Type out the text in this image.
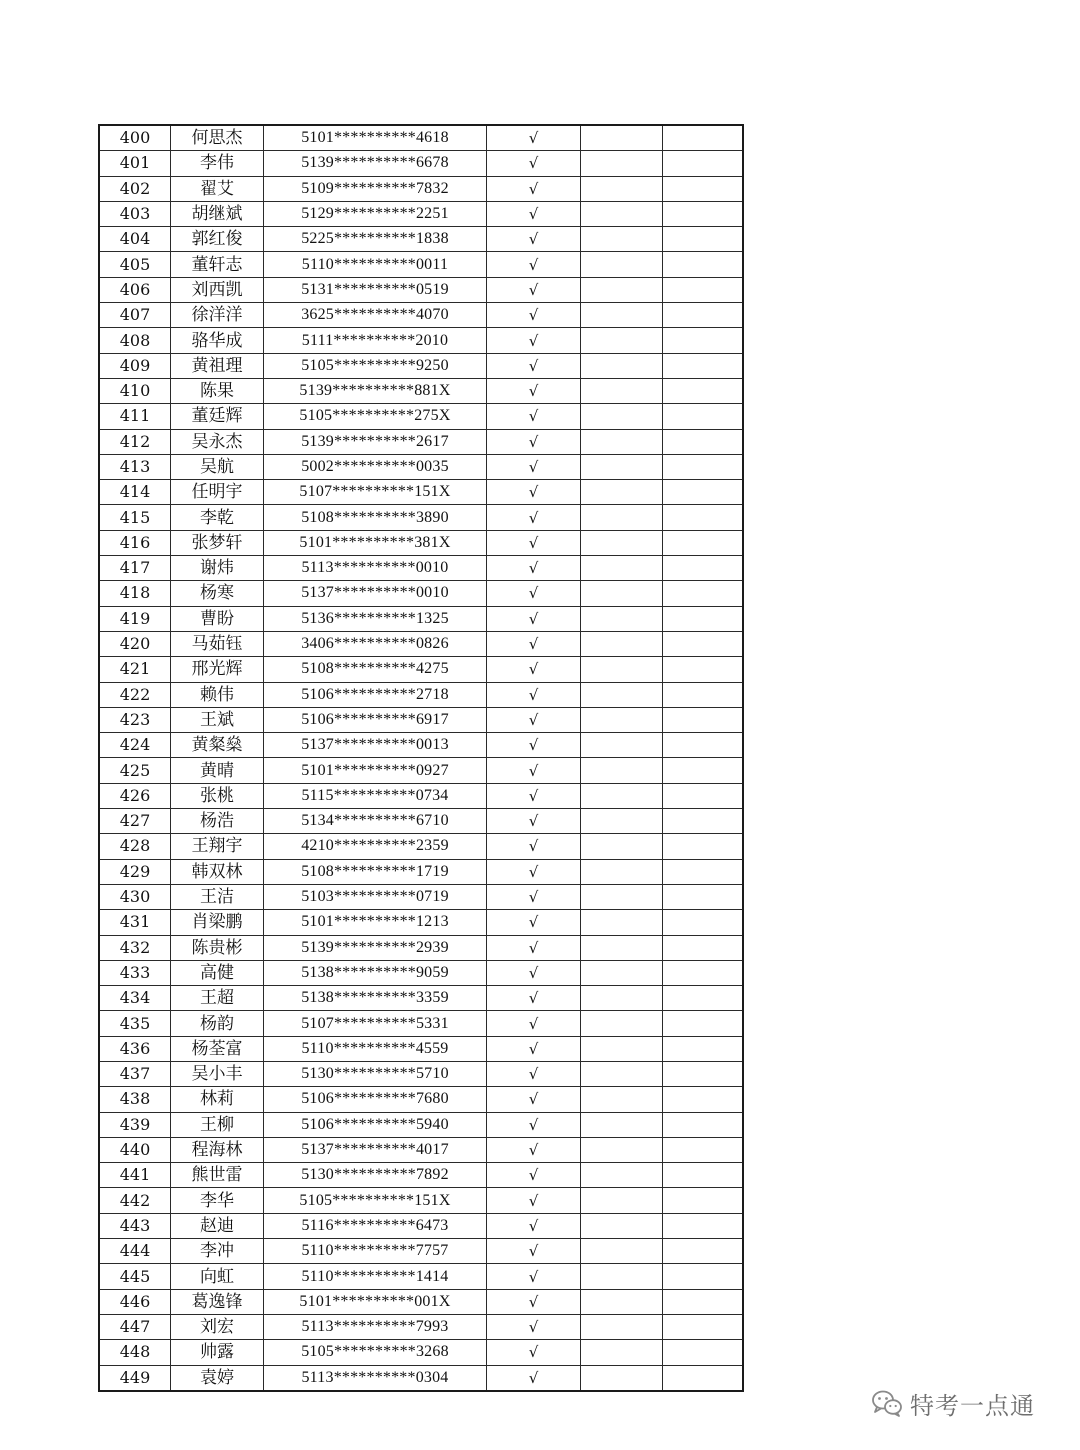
400	何思杰	5101**********4618	√		
401	李伟	5139**********6678	√		
402	翟艾	5109**********7832	√		
403	胡继斌	5129**********2251	√		
404	郭红俊	5225**********1838	√		
405	董轩志	5110**********0011	√		
406	刘西凯	5131**********0519	√		
407	徐洋洋	3625**********4070	√		
408	骆华成	5111**********2010	√		
409	黄祖理	5105**********9250	√		
410	陈果	5139**********881X	√		
411	董廷辉	5105**********275X	√		
412	吴永杰	5139**********2617	√		
413	吴航	5002**********0035	√		
414	任明宇	5107**********151X	√		
415	李乾	5108**********3890	√		
416	张梦轩	5101**********381X	√		
417	谢炜	5113**********0010	√		
418	杨寒	5137**********0010	√		
419	曹盼	5136**********1325	√		
420	马茹钰	3406**********0826	√		
421	邢光辉	5108**********4275	√		
422	赖伟	5106**********2718	√		
423	王斌	5106**********6917	√		
424	黄粲燊	5137**********0013	√		
425	黄晴	5101**********0927	√		
426	张桃	5115**********0734	√		
427	杨浩	5134**********6710	√		
428	王翔宇	4210**********2359	√		
429	韩双林	5108**********1719	√		
430	王洁	5103**********0719	√		
431	肖梁鹏	5101**********1213	√		
432	陈贵彬	5139**********2939	√		
433	高健	5138**********9059	√		
434	王超	5138**********3359	√		
435	杨韵	5107**********5331	√		
436	杨荃富	5110**********4559	√		
437	吴小丰	5130**********5710	√		
438	林莉	5106**********7680	√		
439	王柳	5106**********5940	√		
440	程海林	5137**********4017	√		
441	熊世雷	5130**********7892	√		
442	李华	5105**********151X	√		
443	赵迪	5116**********6473	√		
444	李冲	5110**********7757	√		
445	向虹	5110**********1414	√		
446	葛逸锋	5101**********001X	√		
447	刘宏	5113**********7993	√		
448	帅露	5105**********3268	√		
449	袁婷	5113**********0304	√		
特考一点通
